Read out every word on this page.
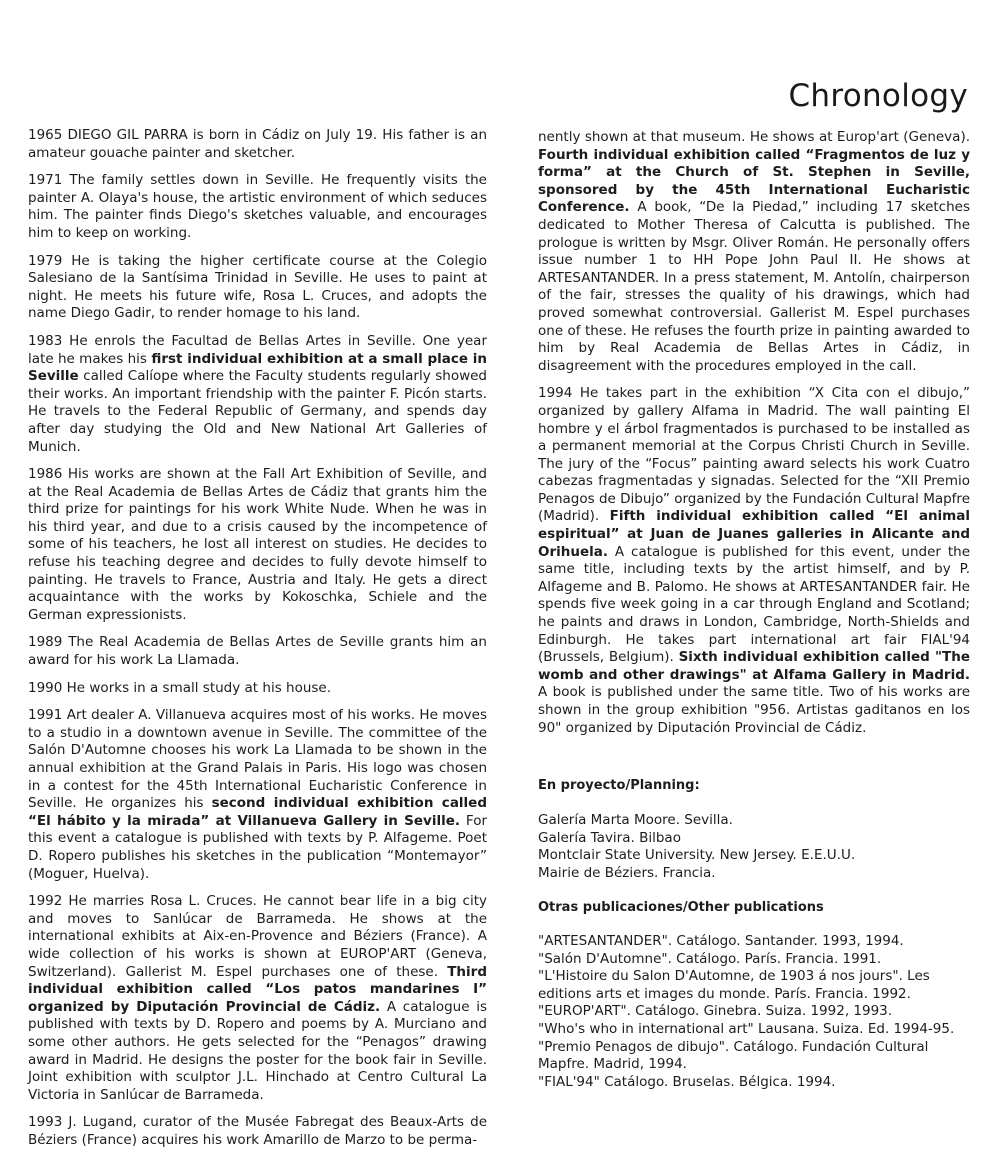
Chronology

1965 DIEGO GIL PARRA is born in Cádiz on July 19. His father is an amateur gouache painter and sketcher.

1971 The family settles down in Seville. He frequently visits the painter A. Olaya's house, the artistic environment of which seduces him. The painter finds Diego's sketches valuable, and encourages him to keep on working.

1979 He is taking the higher certificate course at the Colegio Salesiano de la Santísima Trinidad in Seville. He uses to paint at night. He meets his future wife, Rosa L. Cruces, and adopts the name Diego Gadir, to render homage to his land.

1983 He enrols the Facultad de Bellas Artes in Seville. One year late he makes his first individual exhibition at a small place in Seville called Calíope where the Faculty students regularly showed their works. An important friendship with the painter F. Picón starts. He travels to the Federal Republic of Germany, and spends day after day studying the Old and New National Art Galleries of Munich.

1986 His works are shown at the Fall Art Exhibition of Seville, and at the Real Academia de Bellas Artes de Cádiz that grants him the third prize for paintings for his work White Nude. When he was in his third year, and due to a crisis caused by the incompetence of some of his teachers, he lost all interest on studies. He decides to refuse his teaching degree and decides to fully devote himself to painting. He travels to France, Austria and Italy. He gets a direct acquaintance with the works by Kokoschka, Schiele and the German expressionists.

1989 The Real Academia de Bellas Artes de Seville grants him an award for his work La Llamada.

1990 He works in a small study at his house.

1991 Art dealer A. Villanueva acquires most of his works. He moves to a studio in a downtown avenue in Seville. The committee of the Salón D'Automne chooses his work La Llamada to be shown in the annual exhibition at the Grand Palais in Paris. His logo was chosen in a contest for the 45th International Eucharistic Conference in Seville. He organizes his second individual exhibition called “El hábito y la mirada” at Villanueva Gallery in Seville. For this event a catalogue is published with texts by P. Alfageme. Poet D. Ropero publishes his sketches in the publication “Montemayor” (Moguer, Huelva).

1992 He marries Rosa L. Cruces. He cannot bear life in a big city and moves to Sanlúcar de Barrameda. He shows at the international exhibits at Aix-en-Provence and Béziers (France). A wide collection of his works is shown at EUROP'ART (Geneva, Switzerland). Gallerist M. Espel purchases one of these. Third individual exhibition called “Los patos mandarines I” organized by Diputación Provincial de Cádiz. A catalogue is published with texts by D. Ropero and poems by A. Murciano and some other authors. He gets selected for the “Penagos” drawing award in Madrid. He designs the poster for the book fair in Seville. Joint exhibition with sculptor J.L. Hinchado at Centro Cultural La Victoria in Sanlúcar de Barrameda.

1993 J. Lugand, curator of the Musée Fabregat des Beaux-Arts de Béziers (France) acquires his work Amarillo de Marzo to be perma-

nently shown at that museum. He shows at Europ'art (Geneva). Fourth individual exhibition called “Fragmentos de luz y forma” at the Church of St. Stephen in Seville, sponsored by the 45th International Eucharistic Conference. A book, “De la Piedad,” including 17 sketches dedicated to Mother Theresa of Calcutta is published. The prologue is written by Msgr. Oliver Román. He personally offers issue number 1 to HH Pope John Paul II. He shows at ARTESANTANDER. In a press statement, M. Antolín, chairperson of the fair, stresses the quality of his drawings, which had proved somewhat controversial. Gallerist M. Espel purchases one of these. He refuses the fourth prize in painting awarded to him by Real Academia de Bellas Artes in Cádiz, in disagreement with the procedures employed in the call.

1994 He takes part in the exhibition “X Cita con el dibujo,” organized by gallery Alfama in Madrid. The wall painting El hombre y el árbol fragmentados is purchased to be installed as a permanent memorial at the Corpus Christi Church in Seville. The jury of the “Focus” painting award selects his work Cuatro cabezas fragmentadas y signadas. Selected for the “XII Premio Penagos de Dibujo” organized by the Fundación Cultural Mapfre (Madrid). Fifth individual exhibition called “El animal espiritual” at Juan de Juanes galleries in Alicante and Orihuela. A catalogue is published for this event, under the same title, including texts by the artist himself, and by P. Alfageme and B. Palomo. He shows at ARTESANTANDER fair. He spends five week going in a car through England and Scotland; he paints and draws in London, Cambridge, North-Shields and Edinburgh. He takes part international art fair FIAL'94 (Brussels, Belgium). Sixth individual exhibition called "The womb and other drawings" at Alfama Gallery in Madrid. A book is published under the same title. Two of his works are shown in the group exhibition "956. Artistas gaditanos en los 90" organized by Diputación Provincial de Cádiz.

En proyecto/Planning:

Galería Marta Moore. Sevilla.
Galería Tavira. Bilbao
Montclair State University. New Jersey. E.E.U.U.
Mairie de Béziers. Francia.

Otras publicaciones/Other publications

"ARTESANTANDER". Catálogo. Santander. 1993, 1994.
"Salón D'Automne". Catálogo. París. Francia. 1991.
"L'Histoire du Salon D'Automne, de 1903 á nos jours". Les editions arts et images du monde. París. Francia. 1992.
"EUROP'ART". Catálogo. Ginebra. Suiza. 1992, 1993.
"Who's who in international art" Lausana. Suiza. Ed. 1994-95.
"Premio Penagos de dibujo". Catálogo. Fundación Cultural Mapfre. Madrid, 1994.
"FIAL'94" Catálogo. Bruselas. Bélgica. 1994.
